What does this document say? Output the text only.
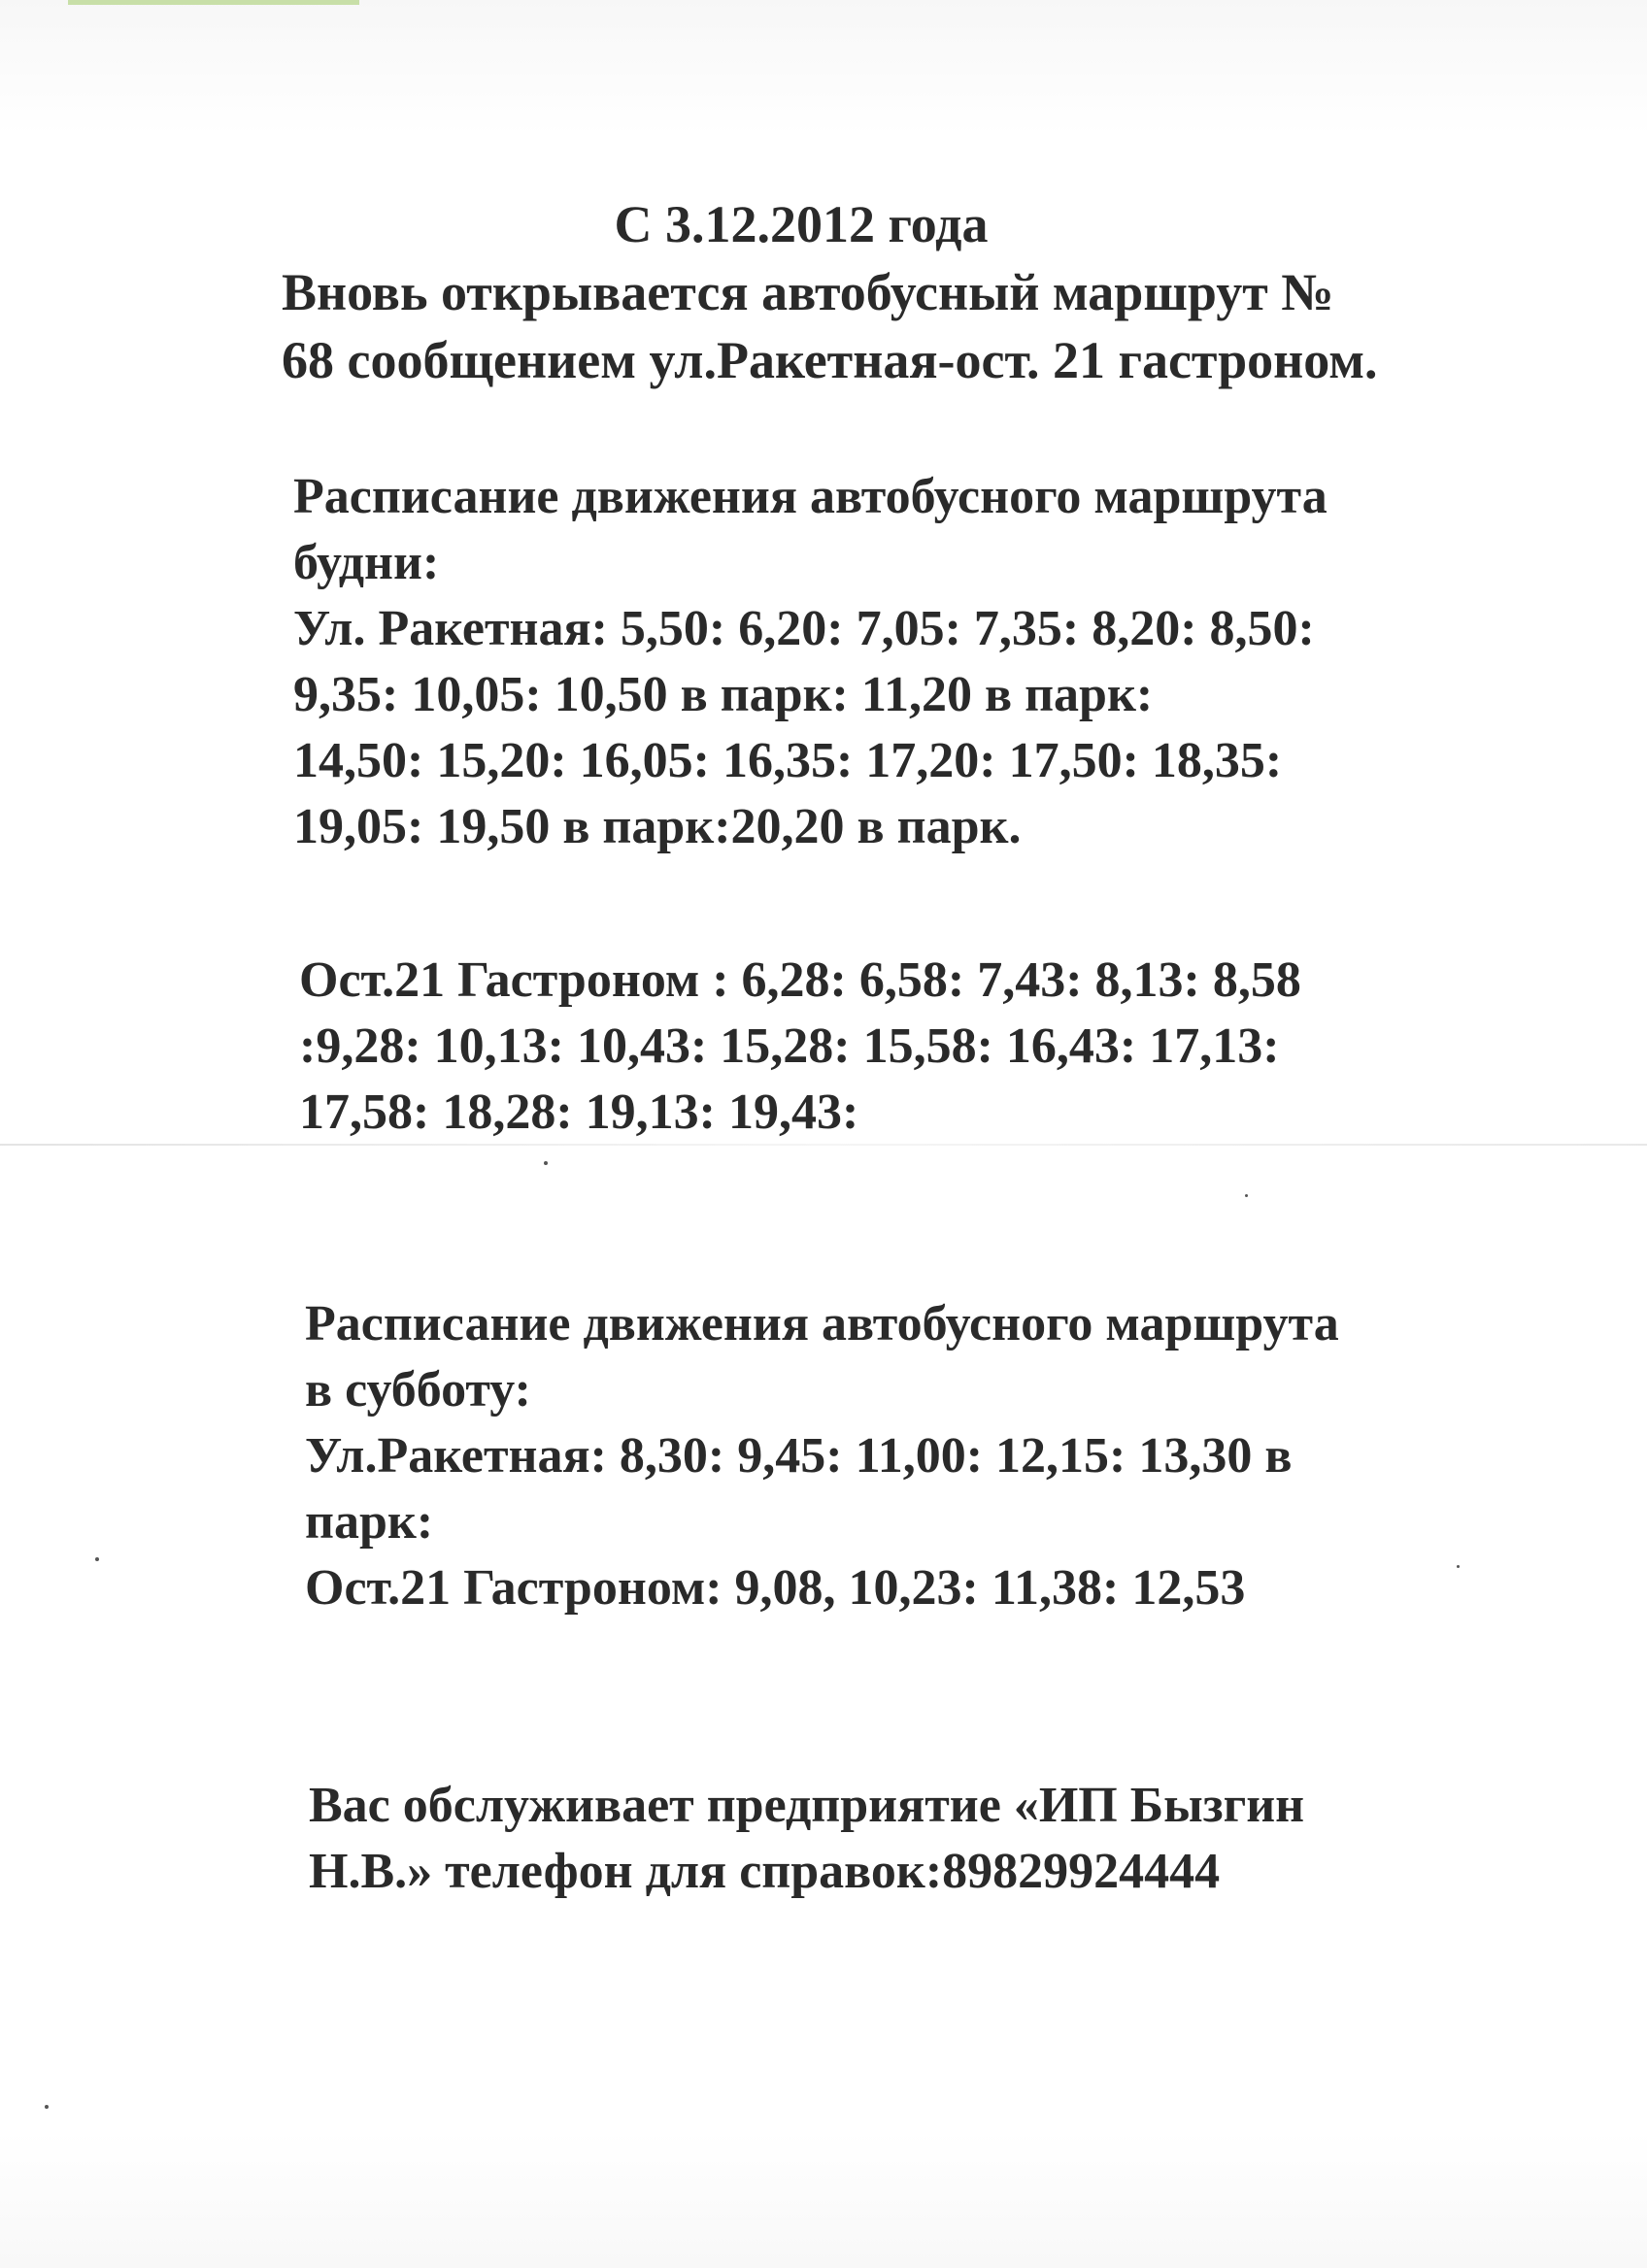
С 3.12.2012 года
Вновь открывается автобусный маршрут №
68 сообщением ул.Ракетная-ост. 21 гастроном.
Расписание движения автобусного маршрута
будни:
Ул. Ракетная: 5,50: 6,20: 7,05: 7,35: 8,20: 8,50:
9,35: 10,05: 10,50 в парк: 11,20 в парк:
14,50: 15,20: 16,05: 16,35: 17,20: 17,50: 18,35:
19,05: 19,50 в парк:20,20 в парк.
Ост.21 Гастроном : 6,28: 6,58: 7,43: 8,13: 8,58
:9,28: 10,13: 10,43: 15,28: 15,58: 16,43: 17,13:
17,58: 18,28: 19,13: 19,43:
Расписание движения автобусного маршрута
в субботу:
Ул.Ракетная: 8,30: 9,45: 11,00: 12,15: 13,30 в
парк:
Ост.21 Гастроном: 9,08, 10,23: 11,38: 12,53
Вас обслуживает предприятие «ИП Бызгин
Н.В.» телефон для справок:89829924444
